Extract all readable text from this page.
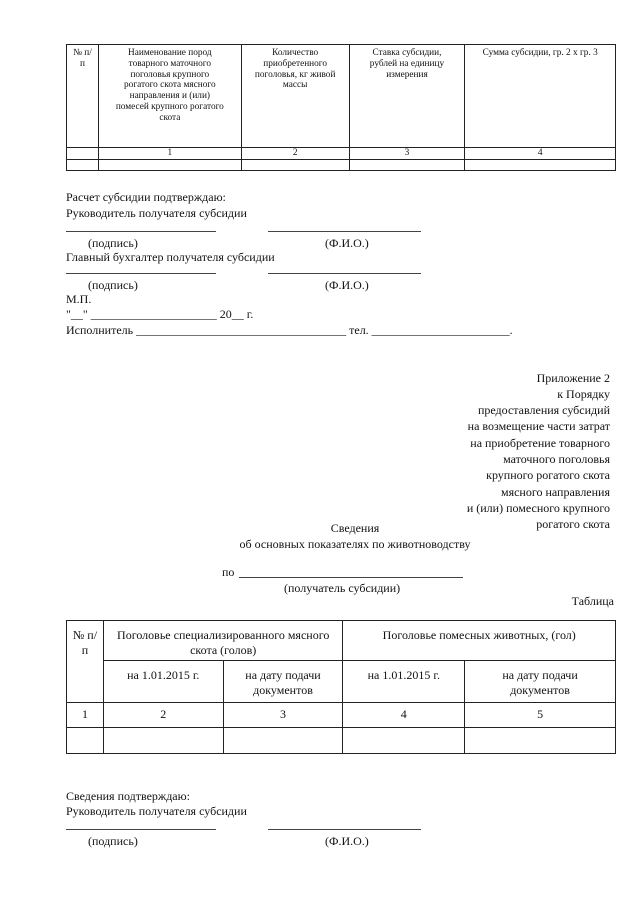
№ п/п	Наименование пород товарного маточного поголовья крупного рогатого скота мясного направления и (или) помесей крупного рогатого скота	Количество приобретенного поголовья, кг живой массы	Ставка субсидии, рублей на единицу измерения	Сумма субсидии, гр. 2 х гр. 3
	1	2	3	4

Расчет субсидии подтверждаю:
Руководитель получателя субсидии
(подпись)	(Ф.И.О.)
Главный бухгалтер получателя субсидии
(подпись)	(Ф.И.О.)
М.П.
"__" _____________________ 20__ г.
Исполнитель ___________________________________ тел. _______________________.
Приложение 2
к Порядку
предоставления субсидий
на возмещение части затрат
на приобретение товарного
маточного поголовья
крупного рогатого скота
мясного направления
и (или) помесного крупного
рогатого скота
Сведения
об основных показателях по животноводству
по
(получатель субсидии)
Таблица
№ п/п	Поголовье специализированного мясного скота (голов)		Поголовье помесных животных, (гол)	
	на 1.01.2015 г.	на дату подачи документов	на 1.01.2015 г.	на дату подачи документов
1	2	3	4	5

Сведения подтверждаю:
Руководитель получателя субсидии
(подпись)	(Ф.И.О.)
